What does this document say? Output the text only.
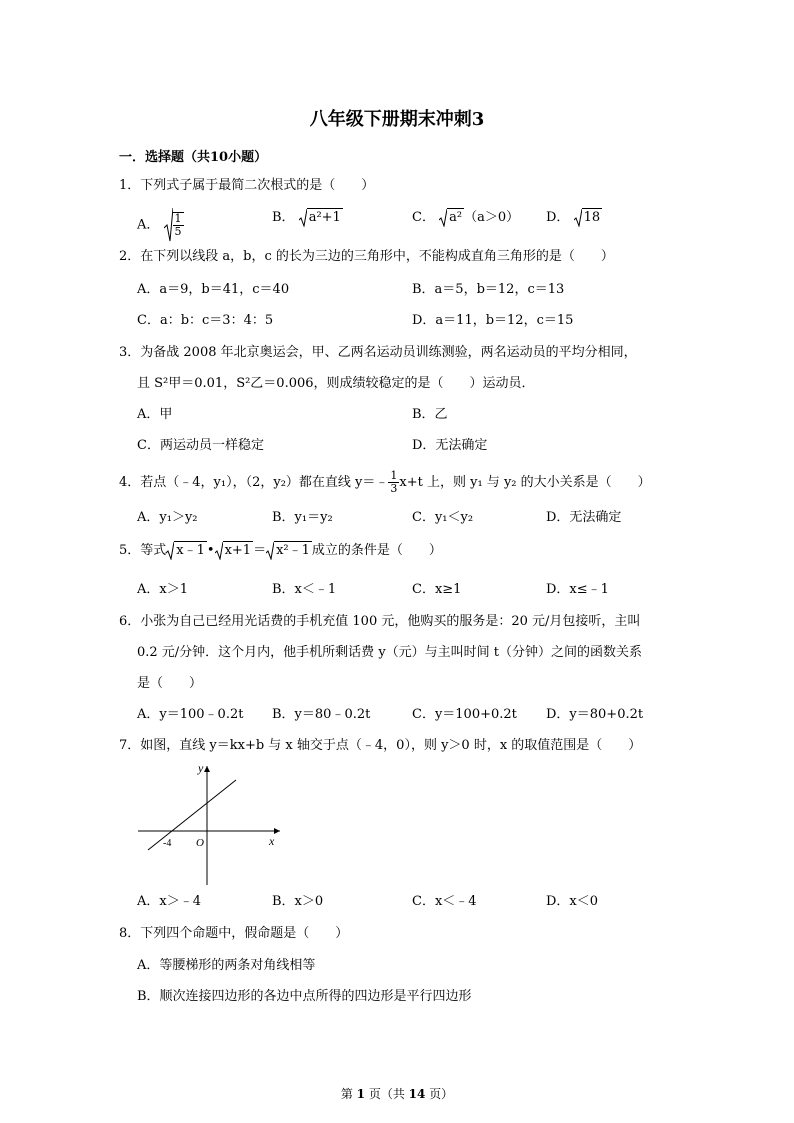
八年级下册期末冲刺3
一．选择题（共10小题）
1．下列式子属于最简二次根式的是（　　）
A． $\frac{1}{5}$	B． a²+1	C． a² （a＞0） D． 18
2．在下列以线段 a，b，c 的长为三边的三角形中，不能构成直角三角形的是（　　）
A．a＝9，b＝41，c＝40	B．a＝5，b＝12，c＝13
C．a：b：c＝3：4：5	D．a＝11，b＝12，c＝15
3．为备战 2008 年北京奥运会，甲、乙两名运动员训练测验，两名运动员的平均分相同，
且 S²甲＝0.01，S²乙＝0.006，则成绩较稳定的是（　　）运动员．
A．甲	B．乙
C．两运动员一样稳定	D．无法确定
4．若点（﹣4，y₁），（2，y₂）都在直线 y＝﹣ $\frac{1}{3} x+t$ 上，则 y₁ 与 y₂ 的大小关系是（　　）
A．y₁＞y₂	B．y₁＝y₂	C．y₁＜y₂	D．无法确定
5．等式 x﹣1 • x+1 ＝ x²﹣1 成立的条件是（　　）
A．x＞1	B．x＜﹣1	C．x≥1	D．x≤﹣1
6．小张为自己已经用光话费的手机充值 100 元，他购买的服务是：20 元/月包接听，主叫
0.2 元/分钟．这个月内，他手机所剩话费 y（元）与主叫时间 t（分钟）之间的函数关系
是（　　）
A．y＝100﹣0.2t B．y＝80﹣0.2t	C．y＝100+0.2t D．y＝80+0.2t
7．如图，直线 y＝kx+b 与 x 轴交于点（﹣4，0），则 y＞0 时，x 的取值范围是（　　）
y
x
O
-4
A．x＞﹣4	B．x＞0	C．x＜﹣4	D．x＜0
8．下列四个命题中，假命题是（　　）
A．等腰梯形的两条对角线相等
B．顺次连接四边形的各边中点所得的四边形是平行四边形
第 1 页（共 14 页）
